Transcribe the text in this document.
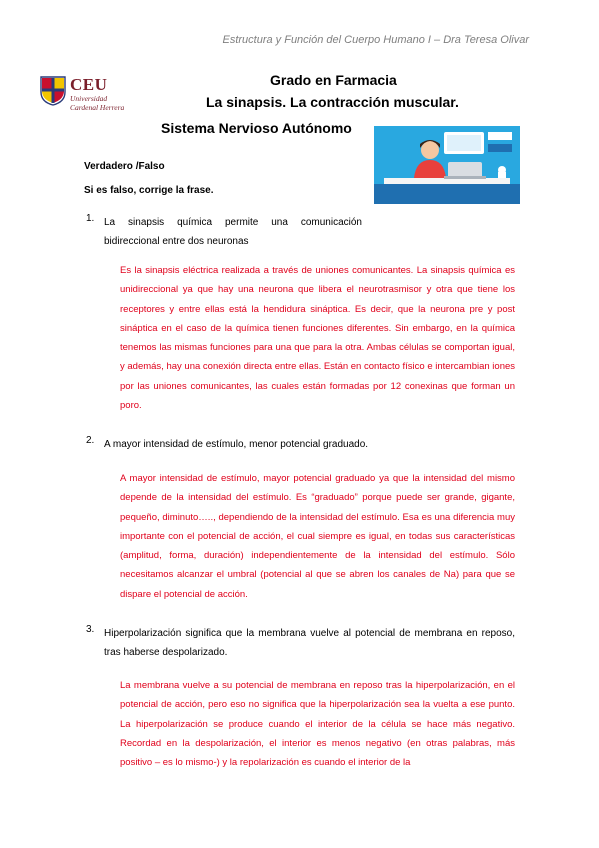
Estructura y Función del Cuerpo Humano I – Dra Teresa Olivar
CEU
Universidad
Cardenal Herrera
Grado en Farmacia
La sinapsis. La contracción muscular.
Sistema Nervioso Autónomo
Verdadero /Falso
Si es falso, corrige la frase.
1. La sinapsis química permite una comunicación

bidireccional entre dos neuronas

Es la sinapsis eléctrica realizada a través de uniones comunicantes. La sinapsis química es unidireccional ya que hay una neurona que libera el neurotrasmisor y otra que tiene los receptores y entre ellas está la hendidura sináptica. Es decir, que la neurona pre y post sináptica en el caso de la química tienen funciones diferentes. Sin embargo, en la química tenemos las mismas funciones para una que para la otra. Ambas células se comportan igual, y además, hay una conexión directa entre ellas. Están en contacto físico e intercambian iones por las uniones comunicantes, las cuales están formadas por 12 conexinas que forman un poro.

2. A mayor intensidad de estímulo, menor potencial graduado.

A mayor intensidad de estímulo, mayor potencial graduado ya que la intensidad del mismo depende de la intensidad del estímulo. Es “graduado” porque puede ser grande, gigante, pequeño, diminuto….., dependiendo de la intensidad del estímulo. Esa es una diferencia muy importante con el potencial de acción, el cual siempre es igual, en todas sus características (amplitud, forma, duración) independientemente de la intensidad del estímulo. Sólo necesitamos alcanzar el umbral (potencial al que se abren los canales de Na) para que se dispare el potencial de acción.

3. Hiperpolarización significa que la membrana vuelve al potencial de membrana en reposo, tras haberse despolarizado.

La membrana vuelve a su potencial de membrana en reposo tras la hiperpolarización, en el potencial de acción, pero eso no significa que la hiperpolarización sea la vuelta a ese punto. La hiperpolarización se produce cuando el interior de la célula se hace más negativo. Recordad en la despolarización, el interior es menos negativo (en otras palabras, más positivo – es lo mismo-) y la repolarización es cuando el interior de la
